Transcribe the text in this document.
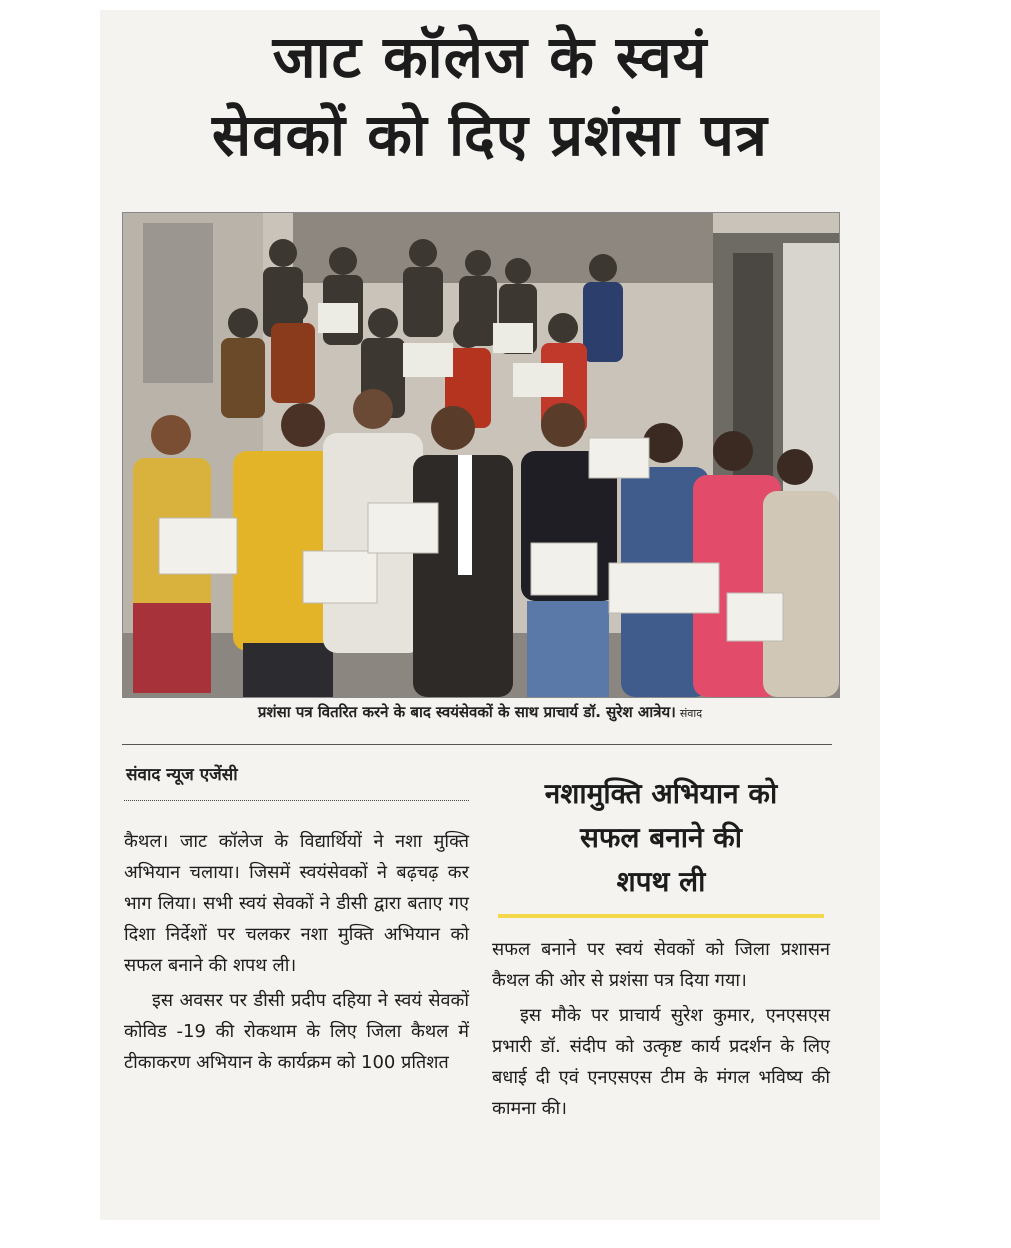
जाट कॉलेज के स्वयं
सेवकों को दिए प्रशंसा पत्र

प्रशंसा पत्र वितरित करने के बाद स्वयंसेवकों के साथ प्राचार्य डॉ. सुरेश आत्रेय। संवाद

संवाद न्यूज एजेंसी

नशामुक्ति अभियान को
सफल बनाने की
शपथ ली

कैथल। जाट कॉलेज के विद्यार्थियों ने नशा मुक्ति अभियान चलाया। जिसमें स्वयंसेवकों ने बढ़चढ़ कर भाग लिया। सभी स्वयं सेवकों ने डीसी द्वारा बताए गए दिशा निर्देशों पर चलकर नशा मुक्ति अभियान को सफल बनाने की शपथ ली।

इस अवसर पर डीसी प्रदीप दहिया ने स्वयं सेवकों कोविड -19 की रोकथाम के लिए जिला कैथल में टीकाकरण अभियान के कार्यक्रम को 100 प्रतिशत

सफल बनाने पर स्वयं सेवकों को जिला प्रशासन कैथल की ओर से प्रशंसा पत्र दिया गया।

इस मौके पर प्राचार्य सुरेश कुमार, एनएसएस प्रभारी डॉ. संदीप को उत्कृष्ट कार्य प्रदर्शन के लिए बधाई दी एवं एनएसएस टीम के मंगल भविष्य की कामना की।
